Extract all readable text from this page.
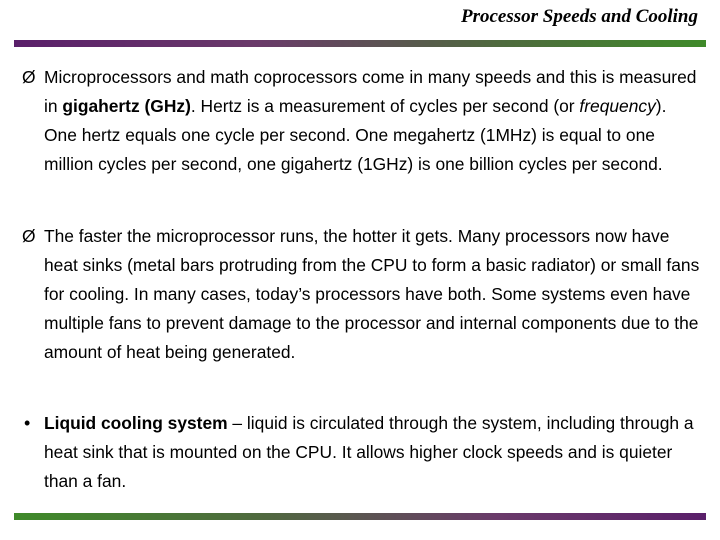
Processor Speeds and Cooling
Ø Microprocessors and math coprocessors come in many speeds and this is measured in gigahertz (GHz). Hertz is a measurement of cycles per second (or frequency). One hertz equals one cycle per second. One megahertz (1MHz) is equal to one million cycles per second, one gigahertz (1GHz) is one billion cycles per second.
Ø The faster the microprocessor runs, the hotter it gets. Many processors now have heat sinks (metal bars protruding from the CPU to form a basic radiator) or small fans for cooling. In many cases, today’s processors have both. Some systems even have multiple fans to prevent damage to the processor and internal components due to the amount of heat being generated.
• Liquid cooling system – liquid is circulated through the system, including through a heat sink that is mounted on the CPU. It allows higher clock speeds and is quieter than a fan.
